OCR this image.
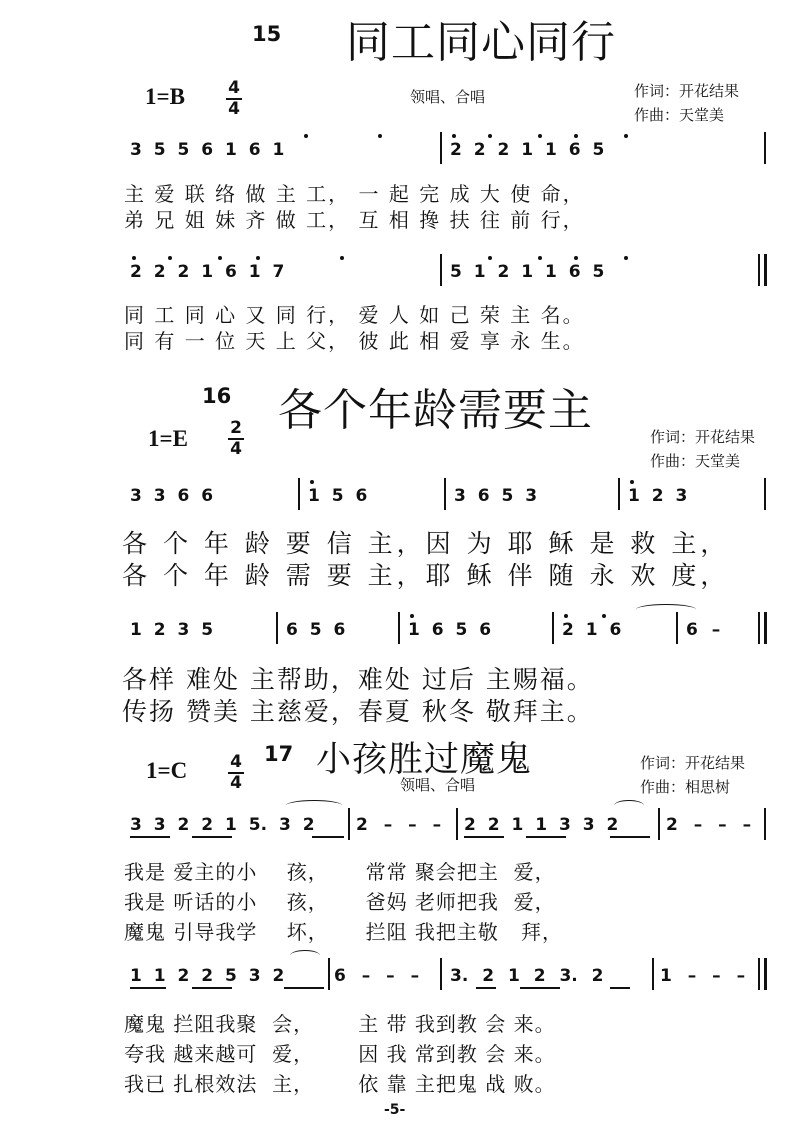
15 同工同心同行
1=B	4
4
领唱、合唱	作词：开花结果
作曲：天堂美
3 5 5 6 1 6 1	2 2 2 1 1 6 5
主 爱 联 络 做 主 工， 一 起 完 成 大 使 命，
弟 兄 姐 妹 齐 做 工， 互 相 搀 扶 往 前 行，
2 2 2 1 6 1 7	5 1 2 1 1 6 5
同 工 同 心 又 同 行， 爱 人 如 己 荣 主 名。
同 有 一 位 天 上 父， 彼 此 相 爱 享 永 生。
16 各个年龄需要主
1=E 2
4
作词：开花结果
作曲：天堂美
3 3 6 6	1 5 6	3 6 5 3	1 2 3
各 个 年 龄 要 信 主，因 为 耶 稣 是 救 主，
各 个 年 龄 需 要 主，耶 稣 伴 随 永 欢 度，
1 2 3 5	6 5 6	1 6 5 6	2 1 6	6 –
各样 难处 主帮助，难处 过后 主赐福。
传扬 赞美 主慈爱，春夏 秋冬 敬拜主。
1=C	4
4
17 小孩胜过魔鬼
领唱、合唱
作词：开花结果
作曲：相思树
3 3 2 2 1 5. 3 2 2 – – – 2 2 1 1 3 3 2	2 – – –
我是 爱主的小    孩，     常常 聚会把主  爱，
我是 听话的小    孩，     爸妈 老师把我  爱，
魔鬼 引导我学    坏，     拦阻 我把主敬   拜，
1 1 2 2 5 3 2	6 – – – 3. 2 1 2 3. 2	1 – – –
魔鬼 拦阻我聚  会，      主 带 我到教 会 来。
夸我 越来越可  爱，      因 我 常到教 会 来。
我已 扎根效法  主，      依 靠 主把鬼 战 败。
-5-
